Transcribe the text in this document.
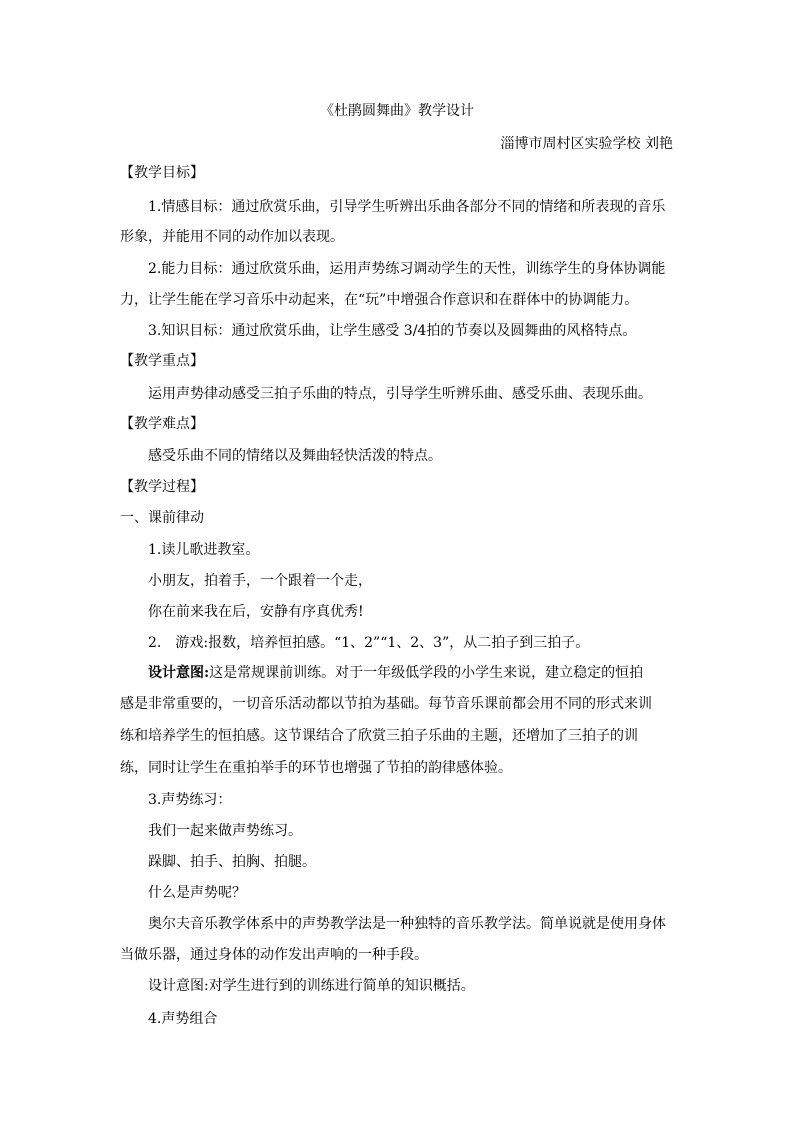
《杜鹃圆舞曲》教学设计
淄博市周村区实验学校 刘艳
【教学目标】
1.情感目标：通过欣赏乐曲，引导学生听辨出乐曲各部分不同的情绪和所表现的音乐
形象，并能用不同的动作加以表现。
2.能力目标：通过欣赏乐曲，运用声势练习调动学生的天性，训练学生的身体协调能
力，让学生能在学习音乐中动起来，在“玩”中增强合作意识和在群体中的协调能力。
3.知识目标：通过欣赏乐曲，让学生感受 3/4拍的节奏以及圆舞曲的风格特点。
【教学重点】
运用声势律动感受三拍子乐曲的特点，引导学生听辨乐曲、感受乐曲、表现乐曲。
【教学难点】
感受乐曲不同的情绪以及舞曲轻快活泼的特点。
【教学过程】
一、课前律动
1.读儿歌进教室。
小朋友，拍着手，一个跟着一个走，
你在前来我在后，安静有序真优秀!
2.　游戏:报数，培养恒拍感。“1、2”“1、2、3”，从二拍子到三拍子。
设计意图:这是常规课前训练。对于一年级低学段的小学生来说，建立稳定的恒拍
感是非常重要的，一切音乐活动都以节拍为基础。每节音乐课前都会用不同的形式来训
练和培养学生的恒拍感。这节课结合了欣赏三拍子乐曲的主题，还增加了三拍子的训
练，同时让学生在重拍举手的环节也增强了节拍的韵律感体验。
3.声势练习：
我们一起来做声势练习。
跺脚、拍手、拍胸、拍腿。
什么是声势呢？
奥尔夫音乐教学体系中的声势教学法是一种独特的音乐教学法。简单说就是使用身体
当做乐器，通过身体的动作发出声响的一种手段。
设计意图:对学生进行到的训练进行简单的知识概括。
4.声势组合
